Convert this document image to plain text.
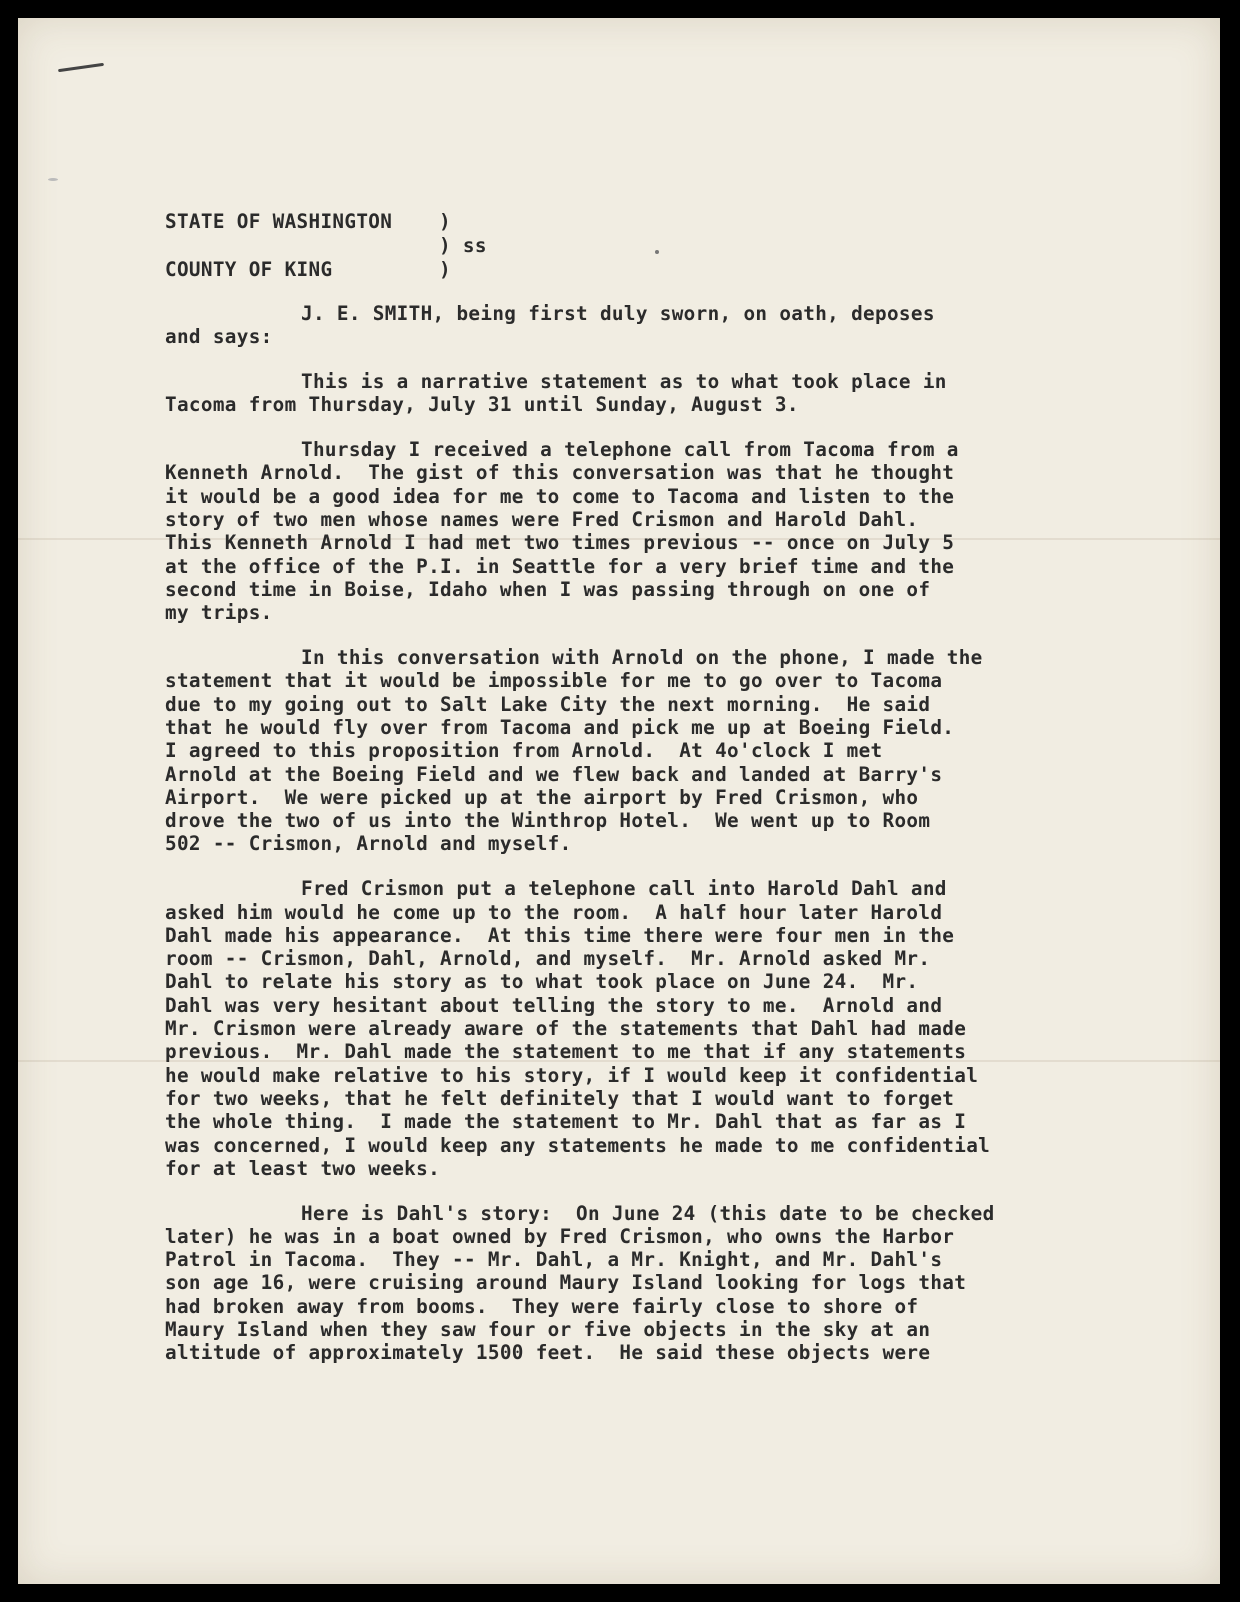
STATE OF WASHINGTON )
) ss
COUNTY OF KING	)
J. E. SMITH, being first duly sworn, on oath, deposes
and says:
This is a narrative statement as to what took place in
Tacoma from Thursday, July 31 until Sunday, August 3.
Thursday I received a telephone call from Tacoma from a
Kenneth Arnold.  The gist of this conversation was that he thought
it would be a good idea for me to come to Tacoma and listen to the
story of two men whose names were Fred Crismon and Harold Dahl.
This Kenneth Arnold I had met two times previous -- once on July 5
at the office of the P.I. in Seattle for a very brief time and the
second time in Boise, Idaho when I was passing through on one of
my trips.
In this conversation with Arnold on the phone, I made the
statement that it would be impossible for me to go over to Tacoma
due to my going out to Salt Lake City the next morning.  He said
that he would fly over from Tacoma and pick me up at Boeing Field.
I agreed to this proposition from Arnold.  At 4o'clock I met
Arnold at the Boeing Field and we flew back and landed at Barry's
Airport.  We were picked up at the airport by Fred Crismon, who
drove the two of us into the Winthrop Hotel.  We went up to Room
502 -- Crismon, Arnold and myself.
Fred Crismon put a telephone call into Harold Dahl and
asked him would he come up to the room.  A half hour later Harold
Dahl made his appearance.  At this time there were four men in the
room -- Crismon, Dahl, Arnold, and myself.  Mr. Arnold asked Mr.
Dahl to relate his story as to what took place on June 24.  Mr.
Dahl was very hesitant about telling the story to me.  Arnold and
Mr. Crismon were already aware of the statements that Dahl had made
previous.  Mr. Dahl made the statement to me that if any statements
he would make relative to his story, if I would keep it confidential
for two weeks, that he felt definitely that I would want to forget
the whole thing.  I made the statement to Mr. Dahl that as far as I
was concerned, I would keep any statements he made to me confidential
for at least two weeks.
Here is Dahl's story:  On June 24 (this date to be checked
later) he was in a boat owned by Fred Crismon, who owns the Harbor
Patrol in Tacoma.  They -- Mr. Dahl, a Mr. Knight, and Mr. Dahl's
son age 16, were cruising around Maury Island looking for logs that
had broken away from booms.  They were fairly close to shore of
Maury Island when they saw four or five objects in the sky at an
altitude of approximately 1500 feet.  He said these objects were
